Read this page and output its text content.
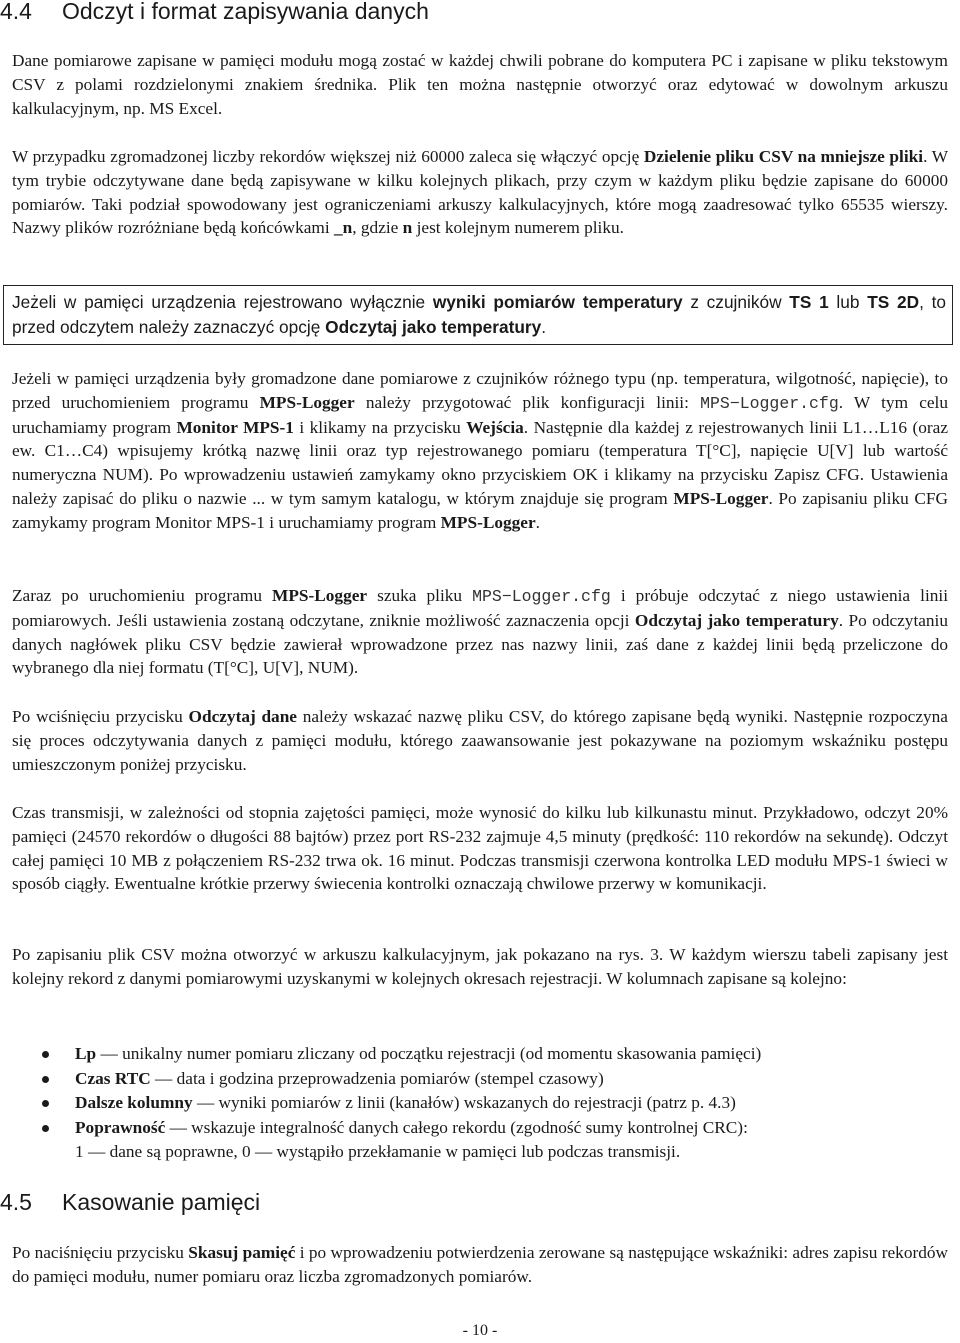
4.4 Odczyt i format zapisywania danych

Dane pomiarowe zapisane w pamięci modułu mogą zostać w każdej chwili pobrane do komputera PC i zapisane w pliku tekstowym CSV z polami rozdzielonymi znakiem średnika. Plik ten można następnie otworzyć oraz edytować w dowolnym arkuszu kalkulacyjnym, np. MS Excel.

W przypadku zgromadzonej liczby rekordów większej niż 60000 zaleca się włączyć opcję Dzielenie pliku CSV na mniejsze pliki. W tym trybie odczytywane dane będą zapisywane w kilku kolejnych plikach, przy czym w każdym pliku będzie zapisane do 60000 pomiarów. Taki podział spowodowany jest ograniczeniami arkuszy kalkulacyjnych, które mogą zaadresować tylko 65535 wierszy. Nazwy plików rozróżniane będą końcówkami _n, gdzie n jest kolejnym numerem pliku.

Jeżeli w pamięci urządzenia rejestrowano wyłącznie wyniki pomiarów temperatury z czujników TS 1 lub TS 2D, to przed odczytem należy zaznaczyć opcję Odczytaj jako temperatury.

Jeżeli w pamięci urządzenia były gromadzone dane pomiarowe z czujników różnego typu (np. temperatura, wilgotność, napięcie), to przed uruchomieniem programu MPS-Logger należy przygotować plik konfiguracji linii: MPS−Logger.cfg. W tym celu uruchamiamy program Monitor MPS-1 i klikamy na przycisku Wejścia. Następnie dla każdej z rejestrowanych linii L1…L16 (oraz ew. C1…C4) wpisujemy krótką nazwę linii oraz typ rejestrowanego pomiaru (temperatura T[°C], napięcie U[V] lub wartość numeryczna NUM). Po wprowadzeniu ustawień zamykamy okno przyciskiem OK i klikamy na przycisku Zapisz CFG. Ustawienia należy zapisać do pliku o nazwie ... w tym samym katalogu, w którym znajduje się program MPS-Logger. Po zapisaniu pliku CFG zamykamy program Monitor MPS-1 i uruchamiamy program MPS-Logger.

Zaraz po uruchomieniu programu MPS-Logger szuka pliku MPS−Logger.cfg i próbuje odczytać z niego ustawienia linii pomiarowych. Jeśli ustawienia zostaną odczytane, zniknie możliwość zaznaczenia opcji Odczytaj jako temperatury. Po odczytaniu danych nagłówek pliku CSV będzie zawierał wprowadzone przez nas nazwy linii, zaś dane z każdej linii będą przeliczone do wybranego dla niej formatu (T[°C], U[V], NUM).

Po wciśnięciu przycisku Odczytaj dane należy wskazać nazwę pliku CSV, do którego zapisane będą wyniki. Następnie rozpoczyna się proces odczytywania danych z pamięci modułu, którego zaawansowanie jest pokazywane na poziomym wskaźniku postępu umieszczonym poniżej przycisku.

Czas transmisji, w zależności od stopnia zajętości pamięci, może wynosić do kilku lub kilkunastu minut. Przykładowo, odczyt 20% pamięci (24570 rekordów o długości 88 bajtów) przez port RS-232 zajmuje 4,5 minuty (prędkość: 110 rekordów na sekundę). Odczyt całej pamięci 10 MB z połączeniem RS-232 trwa ok. 16 minut. Podczas transmisji czerwona kontrolka LED modułu MPS-1 świeci w sposób ciągły. Ewentualne krótkie przerwy świecenia kontrolki oznaczają chwilowe przerwy w komunikacji.

Po zapisaniu plik CSV można otworzyć w arkuszu kalkulacyjnym, jak pokazano na rys. 3. W każdym wierszu tabeli zapisany jest kolejny rekord z danymi pomiarowymi uzyskanymi w kolejnych okresach rejestracji. W kolumnach zapisane są kolejno:

Lp — unikalny numer pomiaru zliczany od początku rejestracji (od momentu skasowania pamięci)
Czas RTC — data i godzina przeprowadzenia pomiarów (stempel czasowy)
Dalsze kolumny — wyniki pomiarów z linii (kanałów) wskazanych do rejestracji (patrz p. 4.3)
Poprawność — wskazuje integralność danych całego rekordu (zgodność sumy kontrolnej CRC):
1 — dane są poprawne, 0 — wystąpiło przekłamanie w pamięci lub podczas transmisji.
4.5 Kasowanie pamięci

Po naciśnięciu przycisku Skasuj pamięć i po wprowadzeniu potwierdzenia zerowane są następujące wskaźniki: adres zapisu rekordów do pamięci modułu, numer pomiaru oraz liczba zgromadzonych pomiarów.

- 10 -
